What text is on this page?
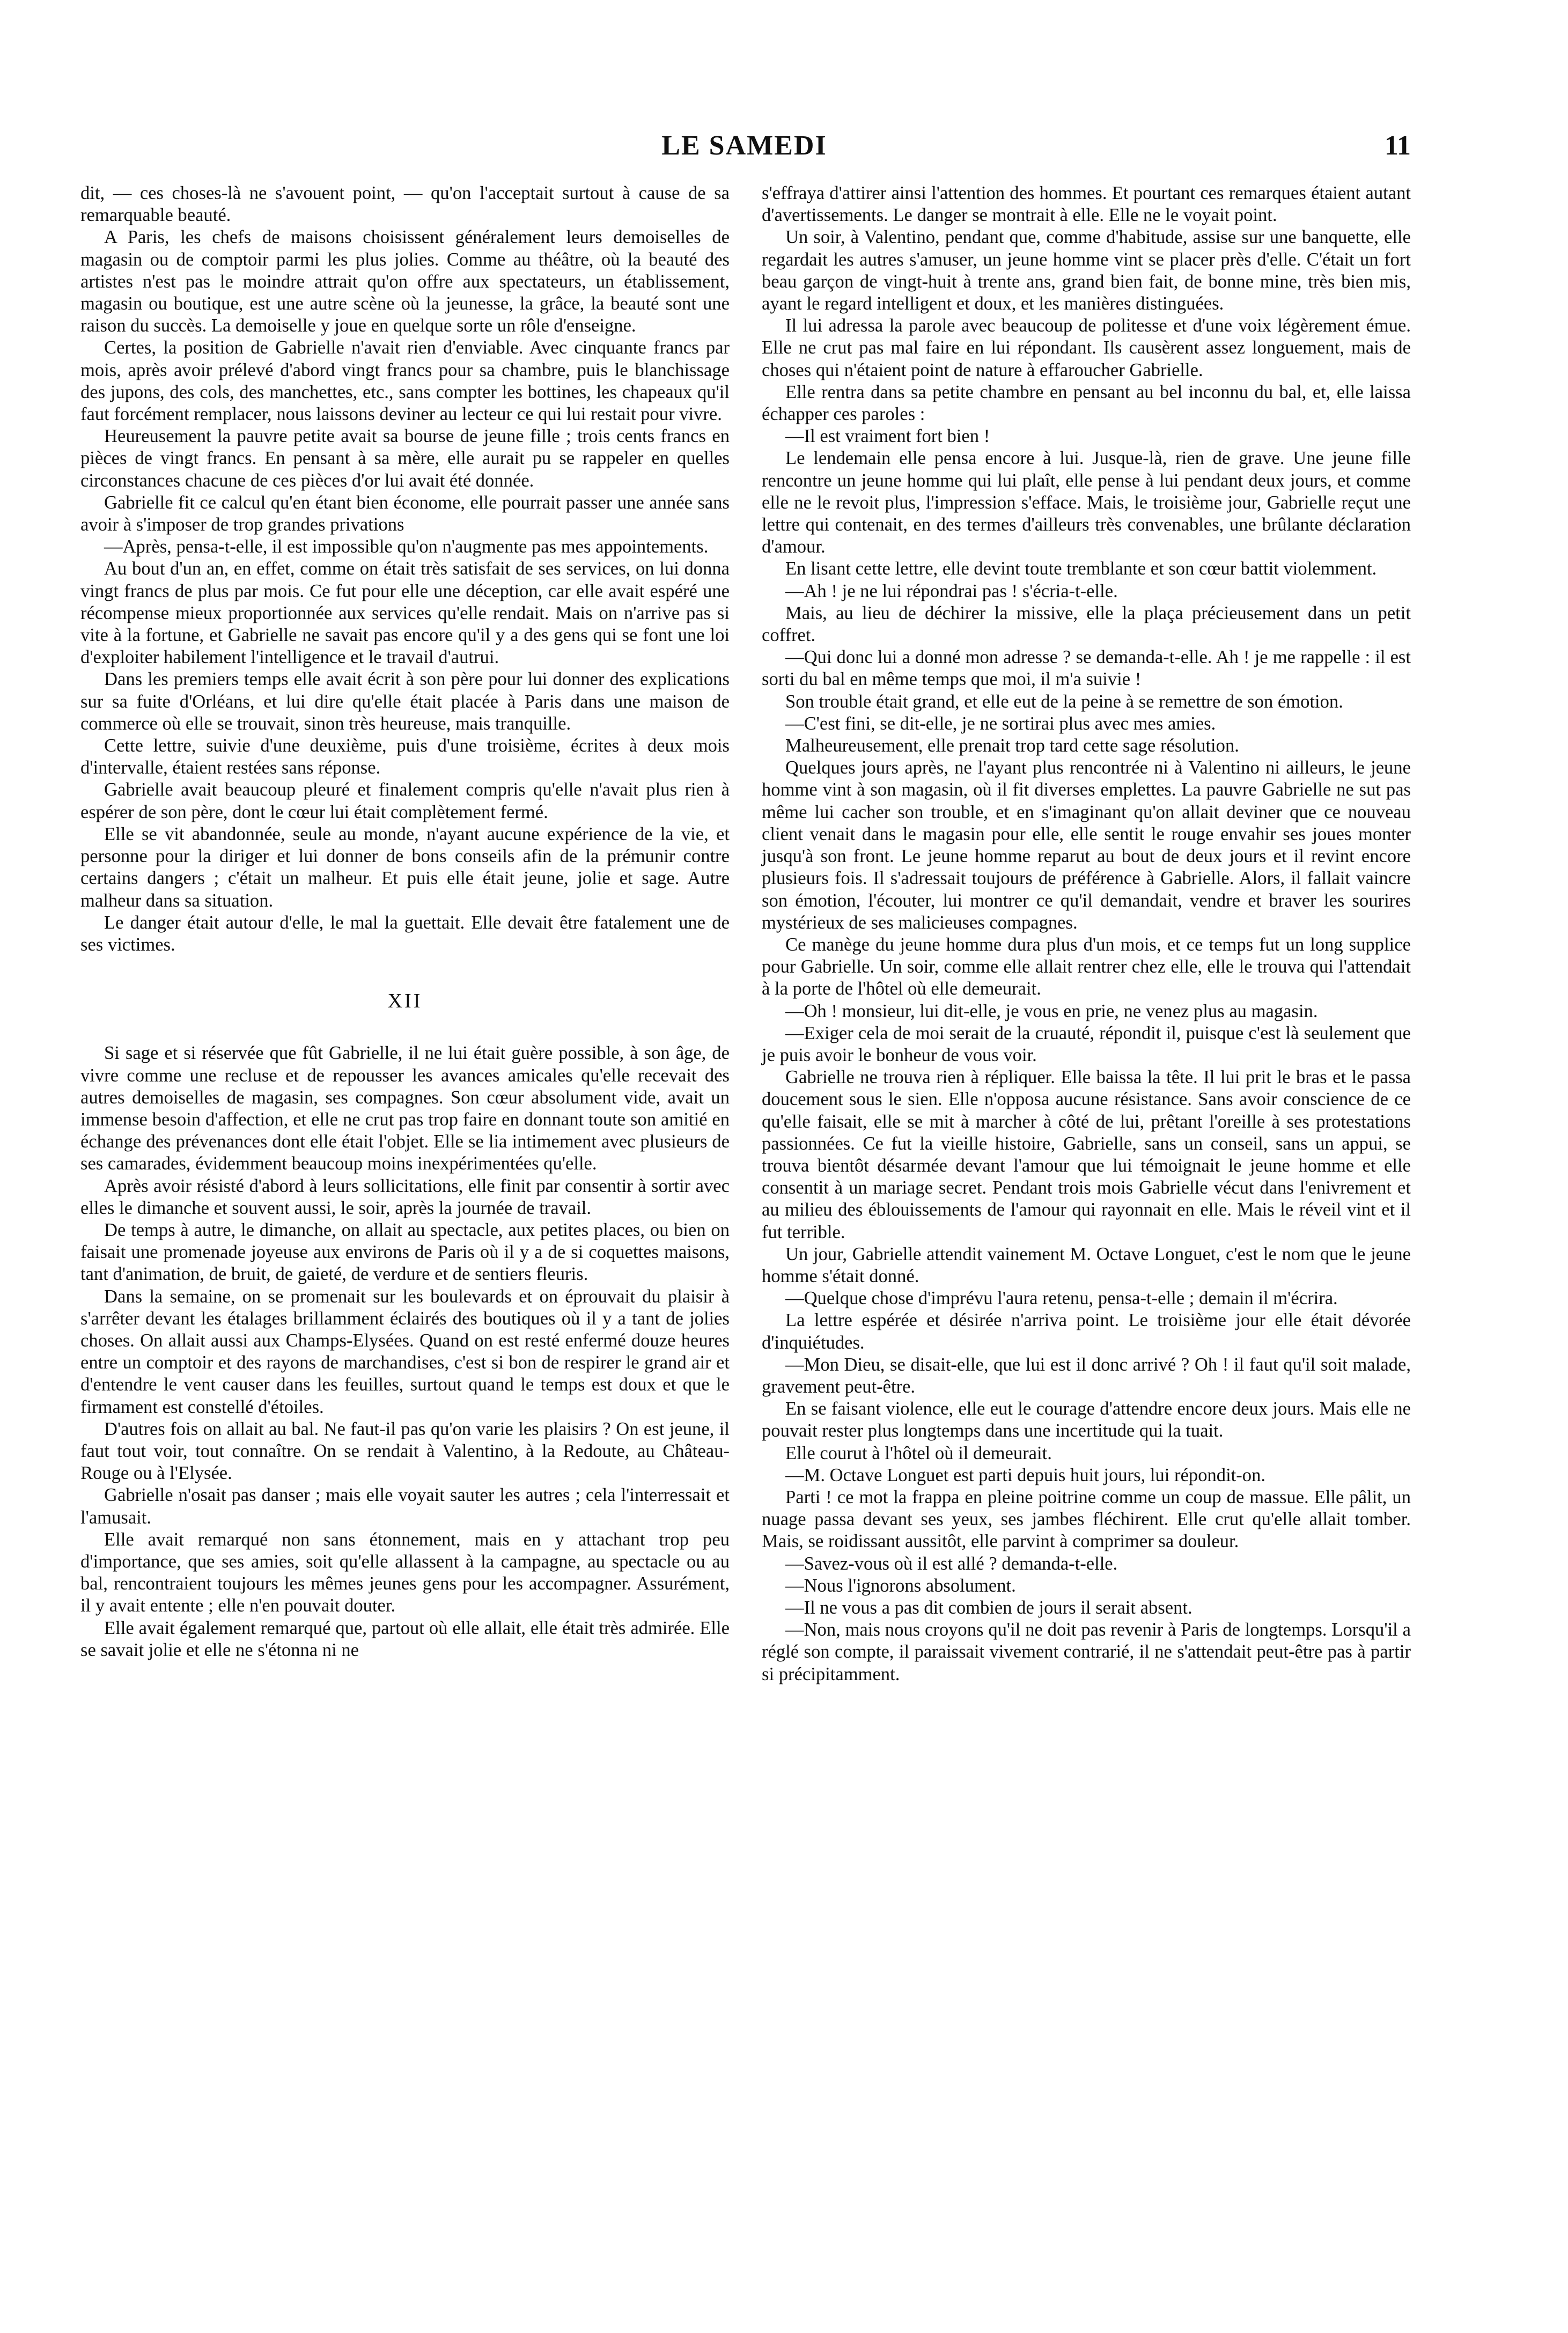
LE SAMEDI	11

dit, — ces choses-là ne s'avouent point, — qu'on l'acceptait surtout à cause de sa remarquable beauté.

A Paris, les chefs de maisons choisissent généralement leurs demoiselles de magasin ou de comptoir parmi les plus jolies. Comme au théâtre, où la beauté des artistes n'est pas le moindre attrait qu'on offre aux spectateurs, un établissement, magasin ou boutique, est une autre scène où la jeunesse, la grâce, la beauté sont une raison du succès. La demoiselle y joue en quelque sorte un rôle d'enseigne.

Certes, la position de Gabrielle n'avait rien d'enviable. Avec cinquante francs par mois, après avoir prélevé d'abord vingt francs pour sa chambre, puis le blanchissage des jupons, des cols, des manchettes, etc., sans compter les bottines, les chapeaux qu'il faut forcément remplacer, nous laissons deviner au lecteur ce qui lui restait pour vivre.

Heureusement la pauvre petite avait sa bourse de jeune fille ; trois cents francs en pièces de vingt francs. En pensant à sa mère, elle aurait pu se rappeler en quelles circonstances chacune de ces pièces d'or lui avait été donnée.

Gabrielle fit ce calcul qu'en étant bien économe, elle pourrait passer une année sans avoir à s'imposer de trop grandes privations

—Après, pensa-t-elle, il est impossible qu'on n'augmente pas mes appointements.

Au bout d'un an, en effet, comme on était très satisfait de ses services, on lui donna vingt francs de plus par mois. Ce fut pour elle une déception, car elle avait espéré une récompense mieux proportionnée aux services qu'elle rendait. Mais on n'arrive pas si vite à la fortune, et Gabrielle ne savait pas encore qu'il y a des gens qui se font une loi d'exploiter habilement l'intelligence et le travail d'autrui.

Dans les premiers temps elle avait écrit à son père pour lui donner des explications sur sa fuite d'Orléans, et lui dire qu'elle était placée à Paris dans une maison de commerce où elle se trouvait, sinon très heureuse, mais tranquille.

Cette lettre, suivie d'une deuxième, puis d'une troisième, écrites à deux mois d'intervalle, étaient restées sans réponse.

Gabrielle avait beaucoup pleuré et finalement compris qu'elle n'avait plus rien à espérer de son père, dont le cœur lui était complètement fermé.

Elle se vit abandonnée, seule au monde, n'ayant aucune expérience de la vie, et personne pour la diriger et lui donner de bons conseils afin de la prémunir contre certains dangers ; c'était un malheur. Et puis elle était jeune, jolie et sage. Autre malheur dans sa situation.

Le danger était autour d'elle, le mal la guettait. Elle devait être fatalement une de ses victimes.

XII

Si sage et si réservée que fût Gabrielle, il ne lui était guère possible, à son âge, de vivre comme une recluse et de repousser les avances amicales qu'elle recevait des autres demoiselles de magasin, ses compagnes. Son cœur absolument vide, avait un immense besoin d'affection, et elle ne crut pas trop faire en donnant toute son amitié en échange des prévenances dont elle était l'objet. Elle se lia intimement avec plusieurs de ses camarades, évidemment beaucoup moins inexpérimentées qu'elle.

Après avoir résisté d'abord à leurs sollicitations, elle finit par consentir à sortir avec elles le dimanche et souvent aussi, le soir, après la journée de travail.

De temps à autre, le dimanche, on allait au spectacle, aux petites places, ou bien on faisait une promenade joyeuse aux environs de Paris où il y a de si coquettes maisons, tant d'animation, de bruit, de gaieté, de verdure et de sentiers fleuris.

Dans la semaine, on se promenait sur les boulevards et on éprouvait du plaisir à s'arrêter devant les étalages brillamment éclairés des boutiques où il y a tant de jolies choses. On allait aussi aux Champs-Elysées. Quand on est resté enfermé douze heures entre un comptoir et des rayons de marchandises, c'est si bon de respirer le grand air et d'entendre le vent causer dans les feuilles, surtout quand le temps est doux et que le firmament est constellé d'étoiles.

D'autres fois on allait au bal. Ne faut-il pas qu'on varie les plaisirs ? On est jeune, il faut tout voir, tout connaître. On se rendait à Valentino, à la Redoute, au Château-Rouge ou à l'Elysée.

Gabrielle n'osait pas danser ; mais elle voyait sauter les autres ; cela l'interressait et l'amusait.

Elle avait remarqué non sans étonnement, mais en y attachant trop peu d'importance, que ses amies, soit qu'elle allassent à la campagne, au spectacle ou au bal, rencontraient toujours les mêmes jeunes gens pour les accompagner. Assurément, il y avait entente ; elle n'en pouvait douter.

Elle avait également remarqué que, partout où elle allait, elle était très admirée. Elle se savait jolie et elle ne s'étonna ni ne

s'effraya d'attirer ainsi l'attention des hommes. Et pourtant ces remarques étaient autant d'avertissements. Le danger se montrait à elle. Elle ne le voyait point.

Un soir, à Valentino, pendant que, comme d'habitude, assise sur une banquette, elle regardait les autres s'amuser, un jeune homme vint se placer près d'elle. C'était un fort beau garçon de vingt-huit à trente ans, grand bien fait, de bonne mine, très bien mis, ayant le regard intelligent et doux, et les manières distinguées.

Il lui adressa la parole avec beaucoup de politesse et d'une voix légèrement émue. Elle ne crut pas mal faire en lui répondant. Ils causèrent assez longuement, mais de choses qui n'étaient point de nature à effaroucher Gabrielle.

Elle rentra dans sa petite chambre en pensant au bel inconnu du bal, et, elle laissa échapper ces paroles :

—Il est vraiment fort bien !

Le lendemain elle pensa encore à lui. Jusque-là, rien de grave. Une jeune fille rencontre un jeune homme qui lui plaît, elle pense à lui pendant deux jours, et comme elle ne le revoit plus, l'impression s'efface. Mais, le troisième jour, Gabrielle reçut une lettre qui contenait, en des termes d'ailleurs très convenables, une brûlante déclaration d'amour.

En lisant cette lettre, elle devint toute tremblante et son cœur battit violemment.

—Ah ! je ne lui répondrai pas ! s'écria-t-elle.

Mais, au lieu de déchirer la missive, elle la plaça précieusement dans un petit coffret.

—Qui donc lui a donné mon adresse ? se demanda-t-elle. Ah ! je me rappelle : il est sorti du bal en même temps que moi, il m'a suivie !

Son trouble était grand, et elle eut de la peine à se remettre de son émotion.

—C'est fini, se dit-elle, je ne sortirai plus avec mes amies.

Malheureusement, elle prenait trop tard cette sage résolution.

Quelques jours après, ne l'ayant plus rencontrée ni à Valentino ni ailleurs, le jeune homme vint à son magasin, où il fit diverses emplettes. La pauvre Gabrielle ne sut pas même lui cacher son trouble, et en s'imaginant qu'on allait deviner que ce nouveau client venait dans le magasin pour elle, elle sentit le rouge envahir ses joues monter jusqu'à son front. Le jeune homme reparut au bout de deux jours et il revint encore plusieurs fois. Il s'adressait toujours de préférence à Gabrielle. Alors, il fallait vaincre son émotion, l'écouter, lui montrer ce qu'il demandait, vendre et braver les sourires mystérieux de ses malicieuses compagnes.

Ce manège du jeune homme dura plus d'un mois, et ce temps fut un long supplice pour Gabrielle. Un soir, comme elle allait rentrer chez elle, elle le trouva qui l'attendait à la porte de l'hôtel où elle demeurait.

—Oh ! monsieur, lui dit-elle, je vous en prie, ne venez plus au magasin.

—Exiger cela de moi serait de la cruauté, répondit il, puisque c'est là seulement que je puis avoir le bonheur de vous voir.

Gabrielle ne trouva rien à répliquer. Elle baissa la tête. Il lui prit le bras et le passa doucement sous le sien. Elle n'opposa aucune résistance. Sans avoir conscience de ce qu'elle faisait, elle se mit à marcher à côté de lui, prêtant l'oreille à ses protestations passionnées. Ce fut la vieille histoire, Gabrielle, sans un conseil, sans un appui, se trouva bientôt désarmée devant l'amour que lui témoignait le jeune homme et elle consentit à un mariage secret. Pendant trois mois Gabrielle vécut dans l'enivrement et au milieu des éblouissements de l'amour qui rayonnait en elle. Mais le réveil vint et il fut terrible.

Un jour, Gabrielle attendit vainement M. Octave Longuet, c'est le nom que le jeune homme s'était donné.

—Quelque chose d'imprévu l'aura retenu, pensa-t-elle ; demain il m'écrira.

La lettre espérée et désirée n'arriva point. Le troisième jour elle était dévorée d'inquiétudes.

—Mon Dieu, se disait-elle, que lui est il donc arrivé ? Oh ! il faut qu'il soit malade, gravement peut-être.

En se faisant violence, elle eut le courage d'attendre encore deux jours. Mais elle ne pouvait rester plus longtemps dans une incertitude qui la tuait.

Elle courut à l'hôtel où il demeurait.

—M. Octave Longuet est parti depuis huit jours, lui répondit-on.

Parti ! ce mot la frappa en pleine poitrine comme un coup de massue. Elle pâlit, un nuage passa devant ses yeux, ses jambes fléchirent. Elle crut qu'elle allait tomber. Mais, se roidissant aussitôt, elle parvint à comprimer sa douleur.

—Savez-vous où il est allé ? demanda-t-elle.

—Nous l'ignorons absolument.

—Il ne vous a pas dit combien de jours il serait absent.

—Non, mais nous croyons qu'il ne doit pas revenir à Paris de longtemps. Lorsqu'il a réglé son compte, il paraissait vivement contrarié, il ne s'attendait peut-être pas à partir si précipitamment.
